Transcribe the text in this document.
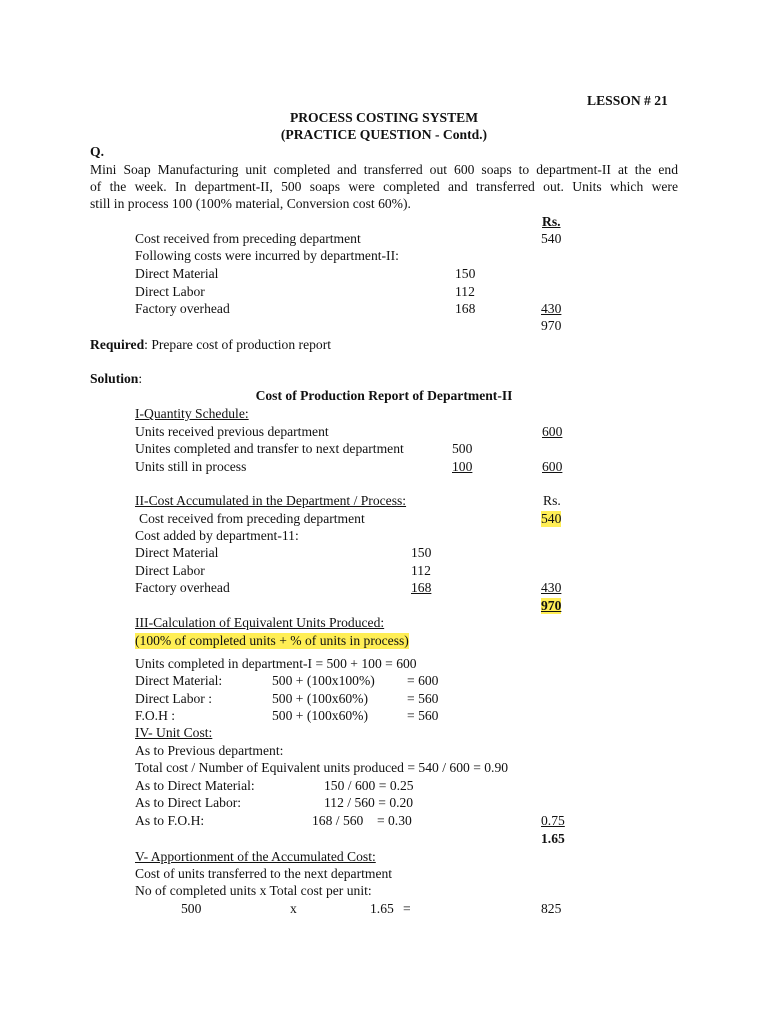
LESSON # 21
PROCESS COSTING SYSTEM
(PRACTICE QUESTION - Contd.)
Q.
Mini Soap Manufacturing unit completed and transferred out 600 soaps to department-II at the end
of the week. In department-II, 500 soaps were completed and transferred out. Units which were
still in process 100 (100% material, Conversion cost 60%).
Rs.
Cost received from preceding department	540
Following costs were incurred by department-II:
Direct Material	150
Direct Labor	112
Factory overhead	168	430
970
Required: Prepare cost of production report
Solution:
Cost of Production Report of Department-II
I-Quantity Schedule:
Units received previous department	600
Unites completed and transfer to next department	500
Units still in process	100	600
II-Cost Accumulated in the Department / Process:	Rs.
Cost received from preceding department	540
Cost added by department-11:
Direct Material	150
Direct Labor	112
Factory overhead	168	430
970
III-Calculation of Equivalent Units Produced:
(100% of completed units + % of units in process)
Units completed in department-I = 500 + 100 = 600
Direct Material:	500 + (100x100%) = 600
Direct Labor :	500 + (100x60%)	= 560
F.O.H :	500 + (100x60%)	= 560
IV- Unit Cost:
As to Previous department:
Total cost / Number of Equivalent units produced = 540 / 600 = 0.90
As to Direct Material:	150 / 600 = 0.25
As to Direct Labor:	112 / 560 = 0.20
As to F.O.H:	168 / 560    = 0.30	0.75
1.65
V- Apportionment of the Accumulated Cost:
Cost of units transferred to the next department
No of completed units x Total cost per unit:
500	x	1.65 =	825
